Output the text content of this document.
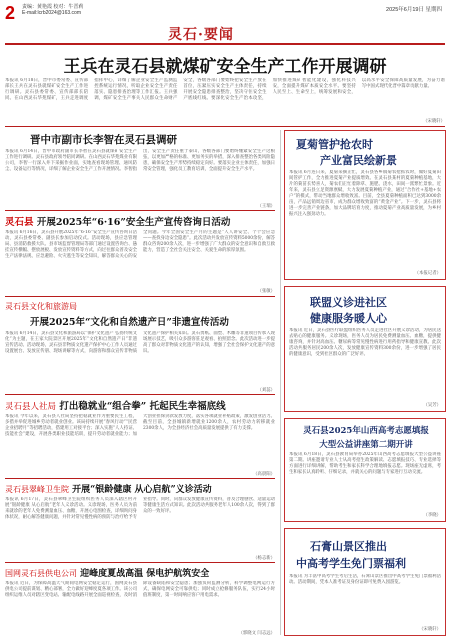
2 责编：黄艳霞 校对：牛晋莉
E-mail:lcrb2024@163.com	2025年6月19日 星期四
灵石·要闻
王兵在灵石县就煤矿安全生产工作开展调研
本报讯 6月18日，晋中市委常委、宣传部部长王兵在灵石县就煤矿安全生产工作进行调研。灵石县委常委、宣传部部长陪同。在山西灵石华苑煤矿，王兵走进调度指挥中心，详细了解企业安全生产监测监控系统运行情况，听取企业安全生产责任落实、隐患排查治理等工作汇报。王兵强调，煤矿安全生产事关人民群众生命财产安全，各级各部门要始终把安全生产放在首位，压紧压实安全生产主体责任，持续开展安全隐患排查整治，坚决守住安全生产底线红线。要深化安全生产治本攻坚，加快推进煤矿智能化建设，强化科技兴安，全面提升煤矿本质安全水平。要坚持人民至上、生命至上，统筹发展和安全，以高水平安全保障高质量发展，为奋力谱写中国式现代化晋中篇章贡献力量。
（宋晓轩）
晋中市副市长李智在灵石县调研
本报讯 6月14日，晋中市政府副市长李智在灵石县就煤矿安全生产工作进行调研。灵石县政府领导陪同调研。在山西灵石华苑煤业有限公司，李智一行深入井下采掘作业面，实地查看现场管理、通风防尘、设备运行等情况，详细了解企业安全生产工作开展情况。李智指出，安全生产责任重于泰山，各级各部门要始终绷紧安全生产这根弦，以更加严格的标准、更加务实的举措，深入排查整治各类风险隐患，确保安全生产形势持续稳定向好。要落实企业主体责任，加强日常安全管理，强化员工教育培训，全面提升安全生产水平。
（王瑞）
灵石县 开展2025年“6·16”安全生产宣传咨询日活动
本报讯 6月16日，灵石县开展2025年“6·16”安全生产宣传咨询日活动，灵石县委常委、副县长参加启动仪式。活动现场，县应急管理局、县消防救援大队、县市场监督管理局等部门通过设置咨询台、悬挂宣传横幅、摆放展板、发放宣传资料等方式，向过往群众普及安全生产法律法规、应急避险、火灾逃生等安全知识，解答群众关心的安全问题。今年全国安全生产月的主题是“人人讲安全、个个会应急——查找身边安全隐患”。此次活动共发放宣传资料5000余份，解答群众咨询200余人次，进一步增强了广大群众的安全意识和自救互救能力，营造了全社会关注安全、关爱生命的浓厚氛围。
（张敏）
灵石县文化和旅游局
开展2025年“文化和自然遗产日”非遗宣传活动
本报讯 6月14日，灵石县文化和旅游局以“保护文化遗产 弘扬传统文化”为主题，在王家大院景区开展2025年“文化和自然遗产日”非遗宣传活动。活动现场，灵石县非物质文化遗产保护中心工作人员通过设置展台、发放宣传册、现场讲解等方式，向游客和群众宣传非物质文化遗产保护相关知识。灵石剪纸、面塑、木雕等非遗项目传承人现场展示技艺，吸引众多游客驻足观看、拍照留念。此次活动进一步提高了群众对非物质文化遗产的认知，增强了全社会保护文化遗产的意识。
（刘蕊）
灵石县人社局 打出稳就业“组合拳” 托起民生幸福底线
本报讯 今年以来，灵石县人社局坚持把稳就业作为重要民生工程，多措并举促进城乡劳动者就业创业。该局持续开展“春风行动”“民营企业招聘月”等招聘活动，搭建用工对接平台；深入实施“人人持证、技能社会”建设，开展各类职业技能培训，提升劳动者就业能力；加大创业担保贷款发放力度，落实各项就业补贴政策，激发创业活力。截至目前，全县城镇新增就业1200余人，农村劳动力转移就业2300余人，为全县经济社会高质量发展提供了有力支撑。
（高晨阳）
灵石县翠峰卫生院 开展“银龄健康 从心启航”义诊活动
本报讯 6月17日，灵石县翠峰卫生院组织医务人员深入辖区村开展“银龄健康 从心启航”老年人义诊活动。义诊现场，医务人员为前来就诊的老年人免费测量血压、血糖，开展心电图检查，详细询问身体状况，耐心解答健康问题，并针对常见慢性病的预防与治疗给予专业指导。同时，向群众发放健康宣传资料，普及合理膳食、适量运动等健康生活方式知识。此次活动共服务老年人100余人次，得到了群众的一致好评。
（杨志新）
国网灵石县供电公司 迎峰度夏战高温 保电护航筑安全
本报讯 近日，为保障高温天气期间电网安全稳定运行，国网灵石县供电公司提前谋划、精心部署，全力做好迎峰度夏各项工作。该公司组织运维人员对辖区变电站、输配电线路开展全面巡视检查，及时消除设备缺陷和安全隐患；加强负荷监测分析，科学调整电网运行方式，确保电网安全可靠供电；同时成立抢修服务队伍，实行24小时值班制度，第一时间响应客户用电需求。
（郭晓文 闫志远）
夏菊管护抢农时
产业富民绘新景
本报讯 6月连日来，夏菊采摘正忙，灵石县各乡镇菊农抢抓农时，做好夏菊田间管护工作，全力推进夏菊产业提质增效。在灵石县某村的夏菊种植基地，大片的菊苗长势喜人，菊农们正忙着除草、施肥、浇水，田间一派繁忙景象。近年来，灵石县立足资源禀赋，大力发展夏菊种植产业，通过“合作社+基地+农户”的模式，带动当地群众增收致富。目前，全县夏菊种植面积已达到3000余亩，产品远销周边省市，成为群众增收致富的“黄金产业”。下一步，灵石县将进一步完善产业链条，加大品牌培育力度，推动夏菊产业高质量发展，为乡村振兴注入强劲动力。
（本报记者）
联盟义诊进社区
健康服务暖人心
本报讯 近日，灵石县医疗联盟组织医务人员走进社区开展义诊活动，为居民送去贴心的健康服务。义诊现场，医务人员为居民免费测量血压、血糖，提供健康咨询，并针对高血压、糖尿病等常见慢性病进行用药指导和健康宣教。此次活动共服务居民200余人次，发放健康宣传资料300余份，进一步增强了居民的健康意识，受到社区群众的广泛好评。
（吴芳）
灵石县2025年山西高考志愿填报
大型公益讲座第二期开讲
本报讯 6月18日，灵石县教育局举办2025年山西高考志愿填报大型公益讲座第二期。讲座邀请专业人士从高考招生政策解读、志愿填报技巧、专业选择等方面进行详细讲解，帮助考生和家长科学合理地填报志愿。现场座无虚席，考生和家长认真聆听、仔细记录，并就关心的问题与专家进行互动交流。
（李晓）
石膏山景区推出
中高考学生免门票福利
本报讯 为丰富中高考学生考后生活，石膏山景区推出中高考学生免门票福利活动。活动期间，凭本人准考证及身份证即可免费入园游览。
（宋晓轩）
